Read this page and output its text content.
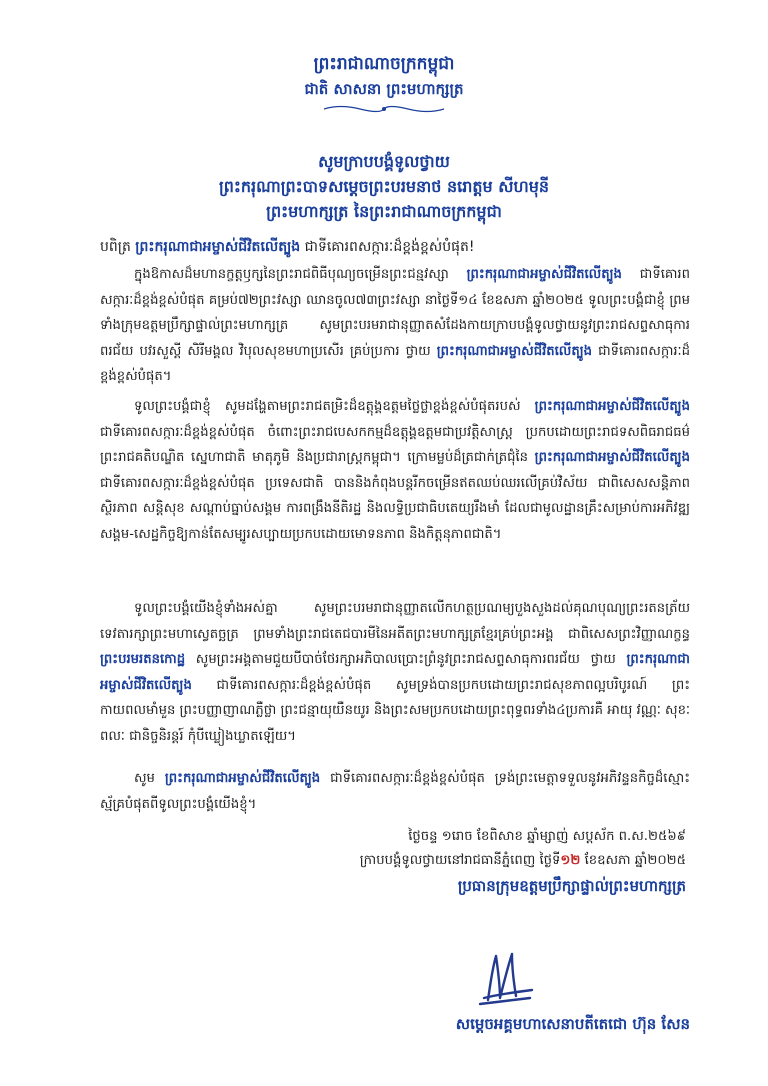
ព្រះរាជាណាចក្រកម្ពុជា
ជាតិ សាសនា ព្រះមហាក្សត្រ
សូមក្រាបបង្គំទូលថ្វាយ
ព្រះករុណាព្រះបាទសម្ដេចព្រះបរមនាថ នរោត្ដម សីហមុនី
ព្រះមហាក្សត្រ នៃព្រះរាជាណាចក្រកម្ពុជា
បពិត្រ ព្រះករុណាជាអម្ចាស់ជីវិតលើត្បូង ជាទីគោរពសក្ការៈដ៏ខ្ពង់ខ្ពស់បំផុត!
ក្នុងឱកាសដ៏មហានក្ខត្តឫក្សនៃព្រះរាជពិធីបុណ្យចម្រើនព្រះជន្មវស្សា ព្រះករុណាជាអម្ចាស់ជីវិតលើត្បូង ជាទីគោរពសក្ការៈដ៏ខ្ពង់ខ្ពស់បំផុត គម្រប់៧២ព្រះវស្សា ឈានចូល៧៣ព្រះវស្សា នាថ្ងៃទី១៤ ខែឧសភា ឆ្នាំ២០២៥ ទូលព្រះបង្គំជាខ្ញុំ ព្រមទាំងក្រុមឧត្តមប្រឹក្សាផ្ទាល់ព្រះមហាក្សត្រ សូមព្រះបរមរាជានុញ្ញាតសំដែងកាយក្រាបបង្គំទូលថ្វាយនូវព្រះរាជសព្ទសាធុការពរជ័យ បវរសួស្តី សិរីមង្គល វិបុលសុខមហាប្រសើរ គ្រប់ប្រការ ថ្វាយ ព្រះករុណាជាអម្ចាស់ជីវិតលើត្បូង ជាទីគោរពសក្ការៈដ៏ខ្ពង់ខ្ពស់បំផុត។
ទូលព្រះបង្គំជាខ្ញុំ សូមដង្ហែតាមព្រះរាជតម្រិះដ៏ឧត្តុង្គឧត្តមថ្លៃថ្លាខ្ពង់ខ្ពស់បំផុតរបស់ ព្រះករុណាជាអម្ចាស់ជីវិតលើត្បូង ជាទីគោរពសក្ការៈដ៏ខ្ពង់ខ្ពស់បំផុត ចំពោះព្រះរាជបេសកកម្មដ៏ឧត្តុង្គឧត្តមជាប្រវត្តិសាស្ត្រ ប្រកបដោយព្រះរាជទសពិធរាជធម៌ ព្រះរាជគតិបណ្ឌិត ស្នេហាជាតិ មាតុភូមិ និងប្រជារាស្ត្រកម្ពុជា។ ក្រោមម្លប់ដ៏ត្រជាក់ត្រជុំនៃ ព្រះករុណាជាអម្ចាស់ជីវិតលើត្បូង ជាទីគោរពសក្ការៈដ៏ខ្ពង់ខ្ពស់បំផុត ប្រទេសជាតិ បាននិងកំពុងបន្តរីកចម្រើនឥតឈប់ឈរលើគ្រប់វិស័យ ជាពិសេសសន្តិភាព ស្ថិរភាព សន្តិសុខ សណ្តាប់ធ្នាប់សង្គម ការពង្រឹងនីតិរដ្ឋ និងលទ្ធិប្រជាធិបតេយ្យរឹងមាំ ដែលជាមូលដ្ឋានគ្រឹះសម្រាប់ការអភិវឌ្ឍសង្គម-សេដ្ឋកិច្ចឱ្យកាន់តែសម្បូរសប្បាយប្រកបដោយមោទនភាព និងកិត្តនុភាពជាតិ។
ទូលព្រះបង្គំយើងខ្ញុំទាំងអស់គ្នា សូមព្រះបរមរាជានុញ្ញាតលើកហត្ថប្រណម្យបួងសួងដល់គុណបុណ្យព្រះរតនត្រ័យ ទេវតារក្សាព្រះមហាស្វេតច្ឆត្រ ព្រមទាំងព្រះរាជតេជបារមីនៃអតីតព្រះមហាក្សត្រខ្មែរគ្រប់ព្រះអង្គ ជាពិសេសព្រះវិញ្ញាណក្ខន្ធ ព្រះបរមរតនកោដ្ឋ សូមព្រះអង្គតាមជួយបីបាច់ថែរក្សាអភិបាលប្រោះព្រំនូវព្រះរាជសព្ទសាធុការពរជ័យ ថ្វាយ ព្រះករុណាជាអម្ចាស់ជីវិតលើត្បូង ជាទីគោរពសក្ការៈដ៏ខ្ពង់ខ្ពស់បំផុត សូមទ្រង់បានប្រកបដោយព្រះរាជសុខភាពល្អបរិបូរណ៍ ព្រះកាយពលមាំមួន ព្រះបញ្ញាញាណភ្លឺថ្លា ព្រះជន្មាយុយឺនយូរ និងព្រះសមប្រកបដោយព្រះពុទ្ធពរទាំង៤ប្រការគឺ អាយុ វណ្ណៈ សុខៈ ពលៈ ជានិច្ចនិរន្តរ៍ កុំបីឃ្លៀងឃ្លាតឡើយ។
សូម ព្រះករុណាជាអម្ចាស់ជីវិតលើត្បូង ជាទីគោរពសក្ការៈដ៏ខ្ពង់ខ្ពស់បំផុត ទ្រង់ព្រះមេត្តាទទួលនូវអភិវន្ទនកិច្ចដ៏ស្មោះស្ម័គ្របំផុតពីទូលព្រះបង្គំយើងខ្ញុំ។
ថ្ងៃចន្ទ ១រោច ខែពិសាខ ឆ្នាំម្សាញ់ សប្តស័ក ព.ស.២៥៦៩
ក្រាបបង្គំទូលថ្វាយនៅរាជធានីភ្នំពេញ ថ្ងៃទី១២ ខែឧសភា ឆ្នាំ២០២៥
ប្រធានក្រុមឧត្តមប្រឹក្សាផ្ទាល់ព្រះមហាក្សត្រ
សម្តេចអគ្គមហាសេនាបតីតេជោ ហ៊ុន សែន
